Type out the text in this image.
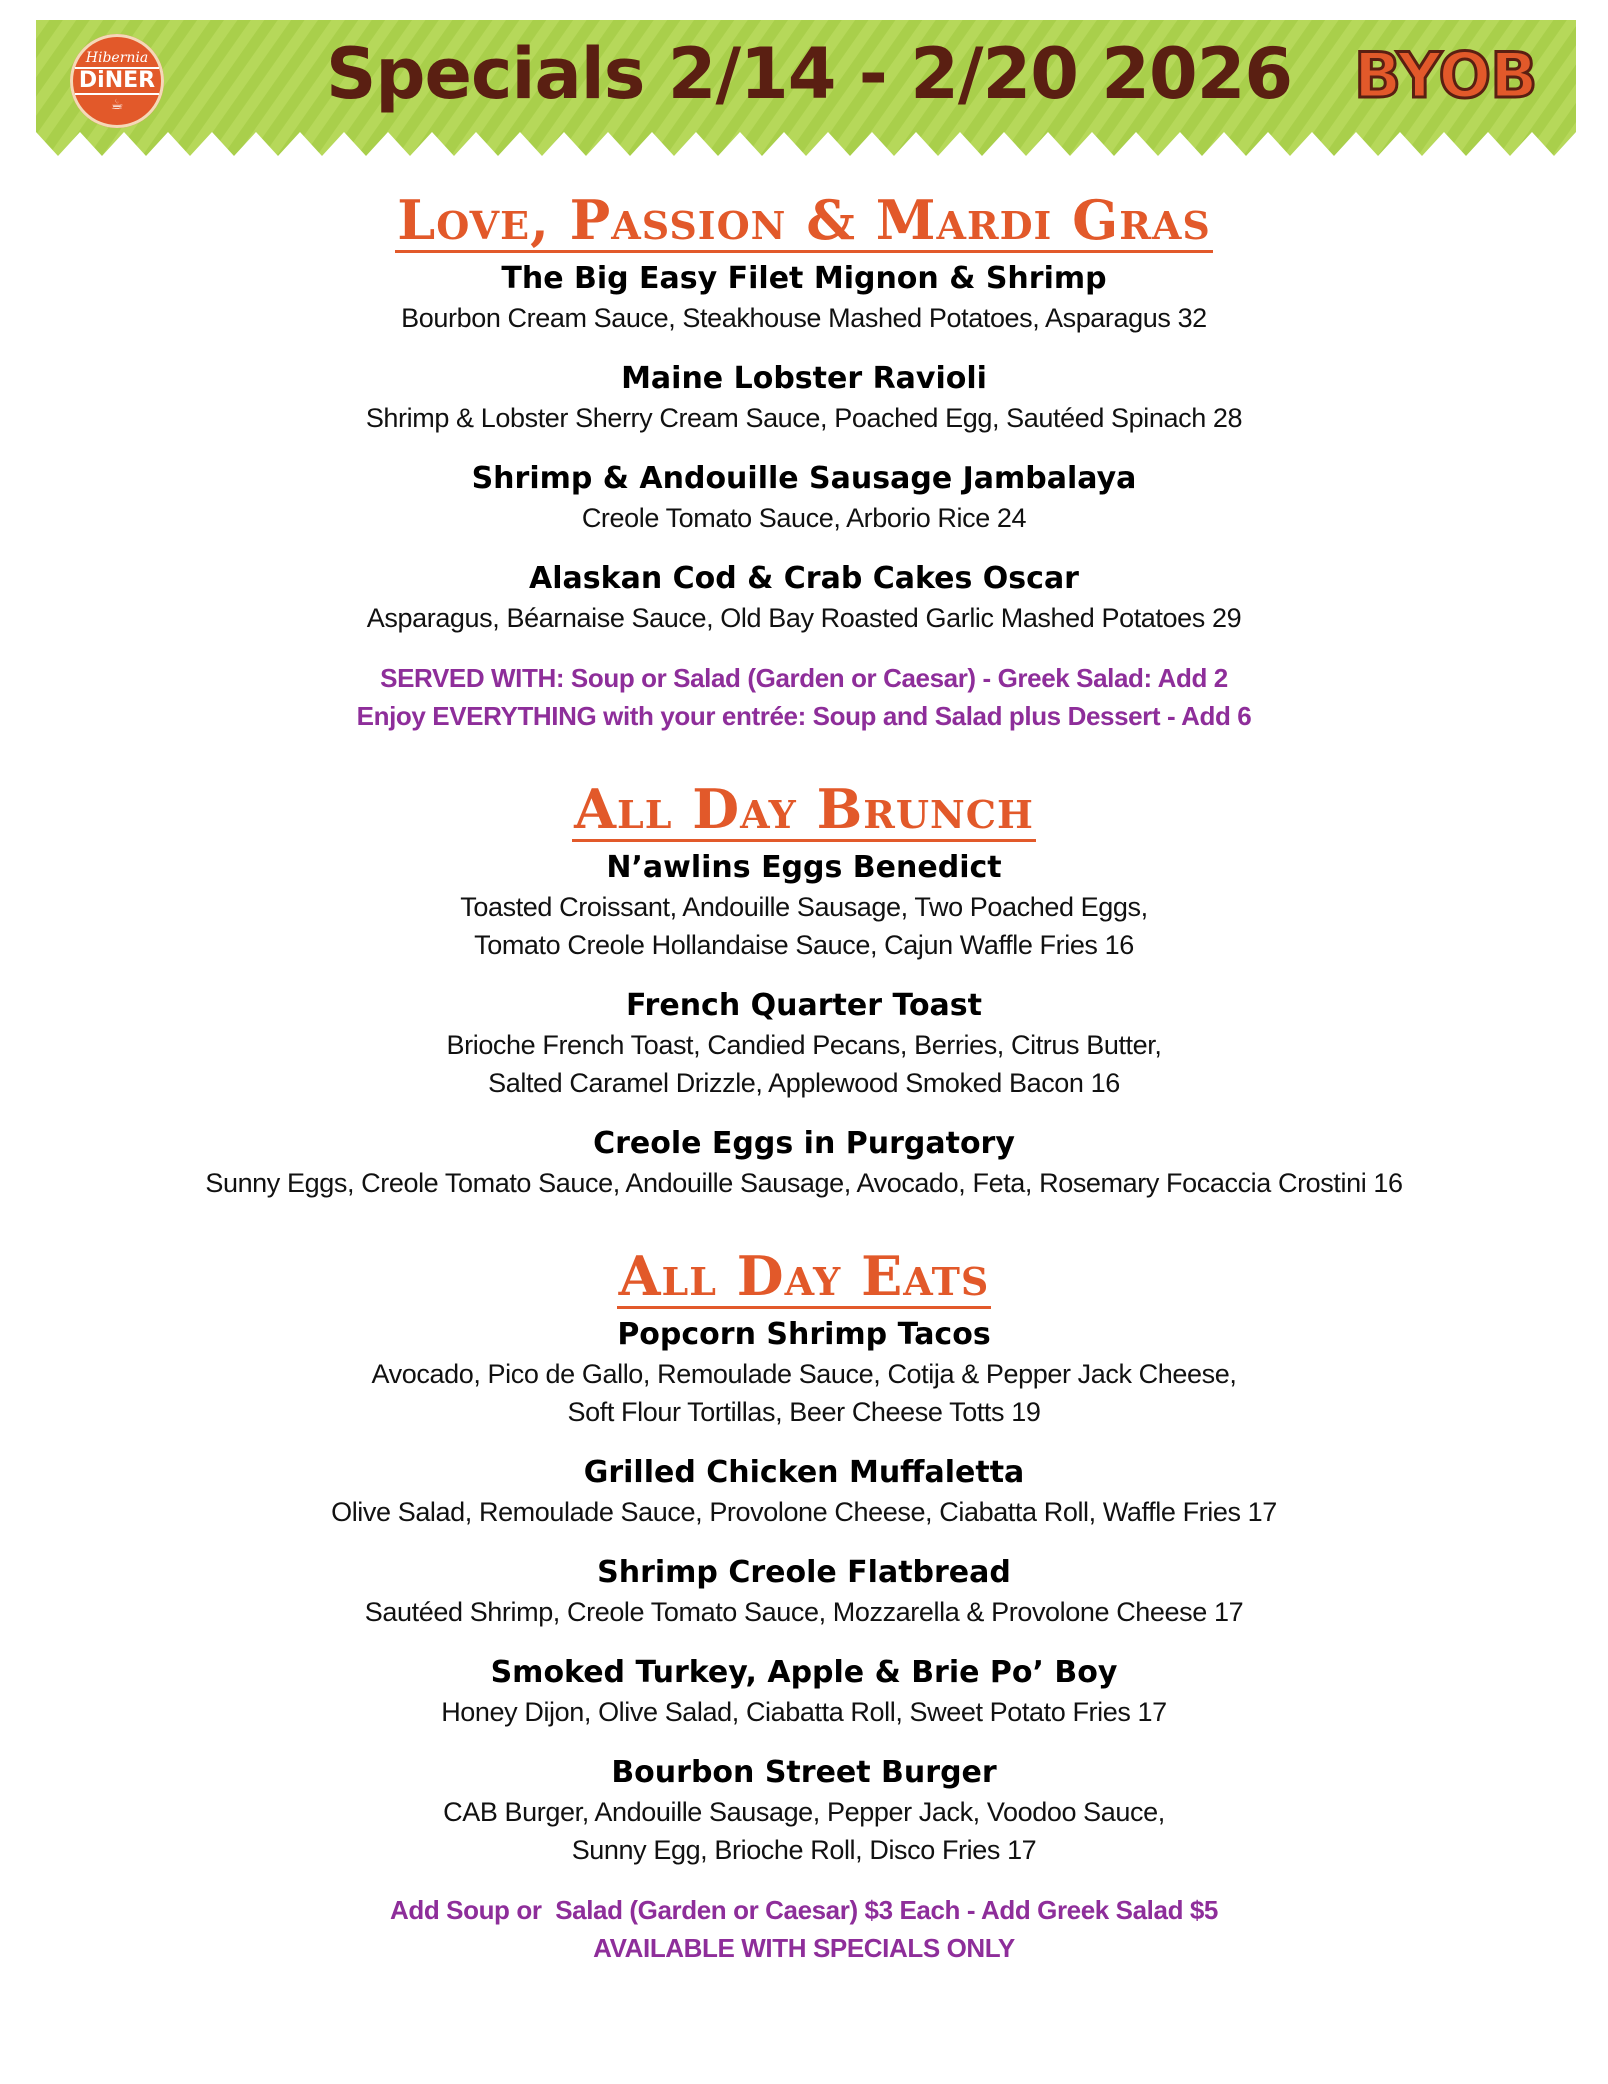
Hibernia
DiNER
☕	Specials 2/14 - 2/20 2026 BYOB
Love, Passion & Mardi Gras
The Big Easy Filet Mignon & Shrimp
Bourbon Cream Sauce, Steakhouse Mashed Potatoes, Asparagus 32
Maine Lobster Ravioli
Shrimp & Lobster Sherry Cream Sauce, Poached Egg, Sautéed Spinach 28
Shrimp & Andouille Sausage Jambalaya
Creole Tomato Sauce, Arborio Rice 24
Alaskan Cod & Crab Cakes Oscar
Asparagus, Béarnaise Sauce, Old Bay Roasted Garlic Mashed Potatoes 29
SERVED WITH: Soup or Salad (Garden or Caesar) - Greek Salad: Add 2
Enjoy EVERYTHING with your entrée: Soup and Salad plus Dessert - Add 6
All Day Brunch
N’awlins Eggs Benedict
Toasted Croissant, Andouille Sausage, Two Poached Eggs,
Tomato Creole Hollandaise Sauce, Cajun Waffle Fries 16
French Quarter Toast
Brioche French Toast, Candied Pecans, Berries, Citrus Butter,
Salted Caramel Drizzle, Applewood Smoked Bacon 16
Creole Eggs in Purgatory
Sunny Eggs, Creole Tomato Sauce, Andouille Sausage, Avocado, Feta, Rosemary Focaccia Crostini 16
All Day Eats
Popcorn Shrimp Tacos
Avocado, Pico de Gallo, Remoulade Sauce, Cotija & Pepper Jack Cheese,
Soft Flour Tortillas, Beer Cheese Totts 19
Grilled Chicken Muffaletta
Olive Salad, Remoulade Sauce, Provolone Cheese, Ciabatta Roll, Waffle Fries 17
Shrimp Creole Flatbread
Sautéed Shrimp, Creole Tomato Sauce, Mozzarella & Provolone Cheese 17
Smoked Turkey, Apple & Brie Po’ Boy
Honey Dijon, Olive Salad, Ciabatta Roll, Sweet Potato Fries 17
Bourbon Street Burger
CAB Burger, Andouille Sausage, Pepper Jack, Voodoo Sauce,
Sunny Egg, Brioche Roll, Disco Fries 17
Add Soup or  Salad (Garden or Caesar) $3 Each - Add Greek Salad $5
AVAILABLE WITH SPECIALS ONLY
